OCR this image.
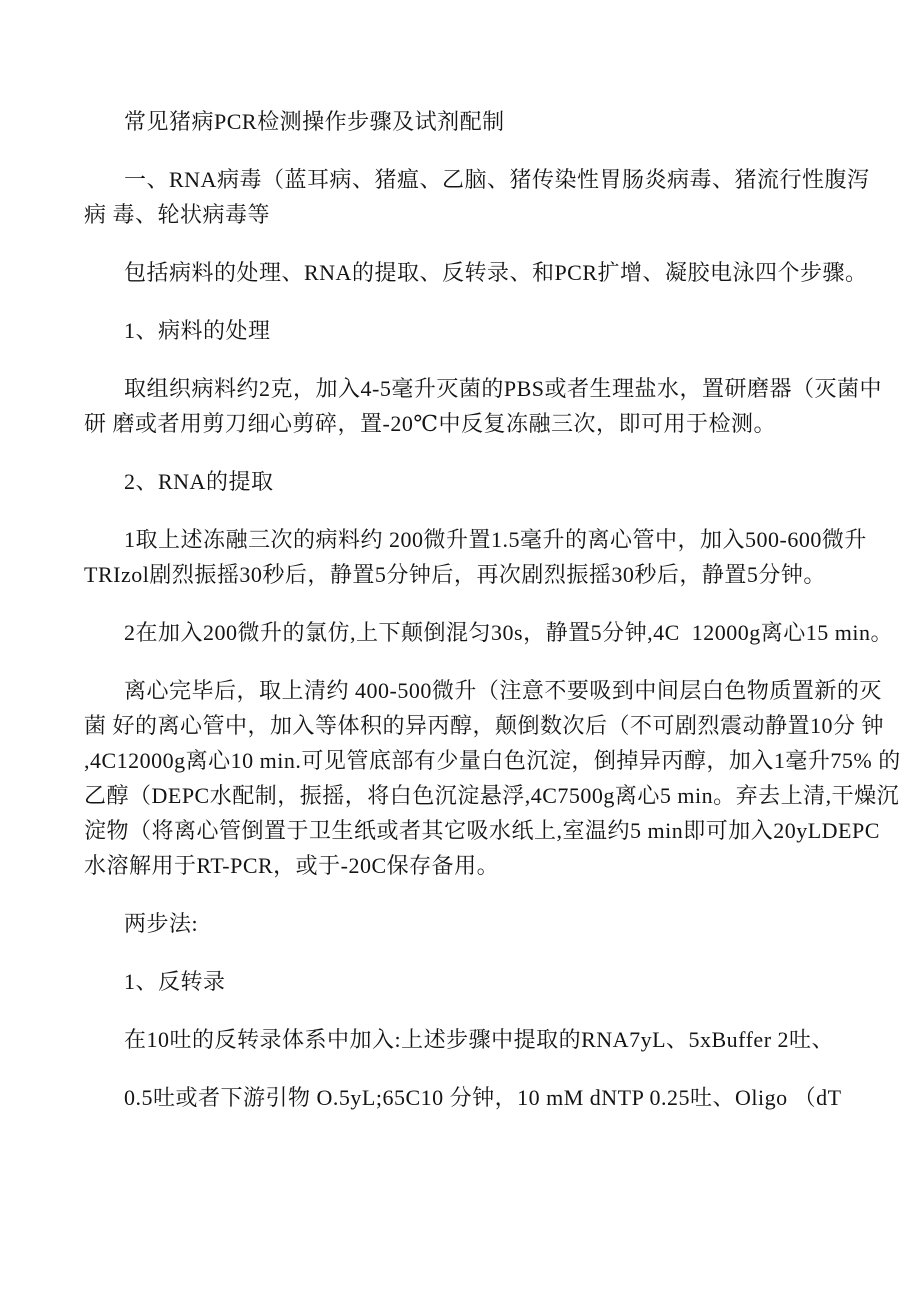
常见猪病PCR检测操作步骤及试剂配制
一、RNA病毒（蓝耳病、猪瘟、乙脑、猪传染性胃肠炎病毒、猪流行性腹泻
病 毒、轮状病毒等
包括病料的处理、RNA的提取、反转录、和PCR扩增、凝胶电泳四个步骤。
1、病料的处理
取组织病料约2克，加入4-5毫升灭菌的PBS或者生理盐水，置研磨器（灭菌中
研 磨或者用剪刀细心剪碎，置-20℃中反复冻融三次，即可用于检测。
2、RNA的提取
1取上述冻融三次的病料约 200微升置1.5毫升的离心管中，加入500-600微升
TRIzol剧烈振摇30秒后，静置5分钟后，再次剧烈振摇30秒后，静置5分钟。
2在加入200微升的氯仿,上下颠倒混匀30s，静置5分钟,4C  12000g离心15 min。
离心完毕后，取上清约 400-500微升（注意不要吸到中间层白色物质置新的灭
菌 好的离心管中，加入等体积的异丙醇，颠倒数次后（不可剧烈震动静置10分 钟
,4C12000g离心10 min.可见管底部有少量白色沉淀，倒掉异丙醇，加入1毫升75% 的
乙醇（DEPC水配制，振摇，将白色沉淀悬浮,4C7500g离心5 min。弃去上清,干燥沉
淀物（将离心管倒置于卫生纸或者其它吸水纸上,室温约5 min即可加入20yLDEPC
水溶解用于RT-PCR，或于-20C保存备用。
两步法:
1、反转录
在10吐的反转录体系中加入:上述步骤中提取的RNA7yL、5xBuffer 2吐、
0.5吐或者下游引物 O.5yL;65C10 分钟，10 mM dNTP 0.25吐、Oligo （dT
